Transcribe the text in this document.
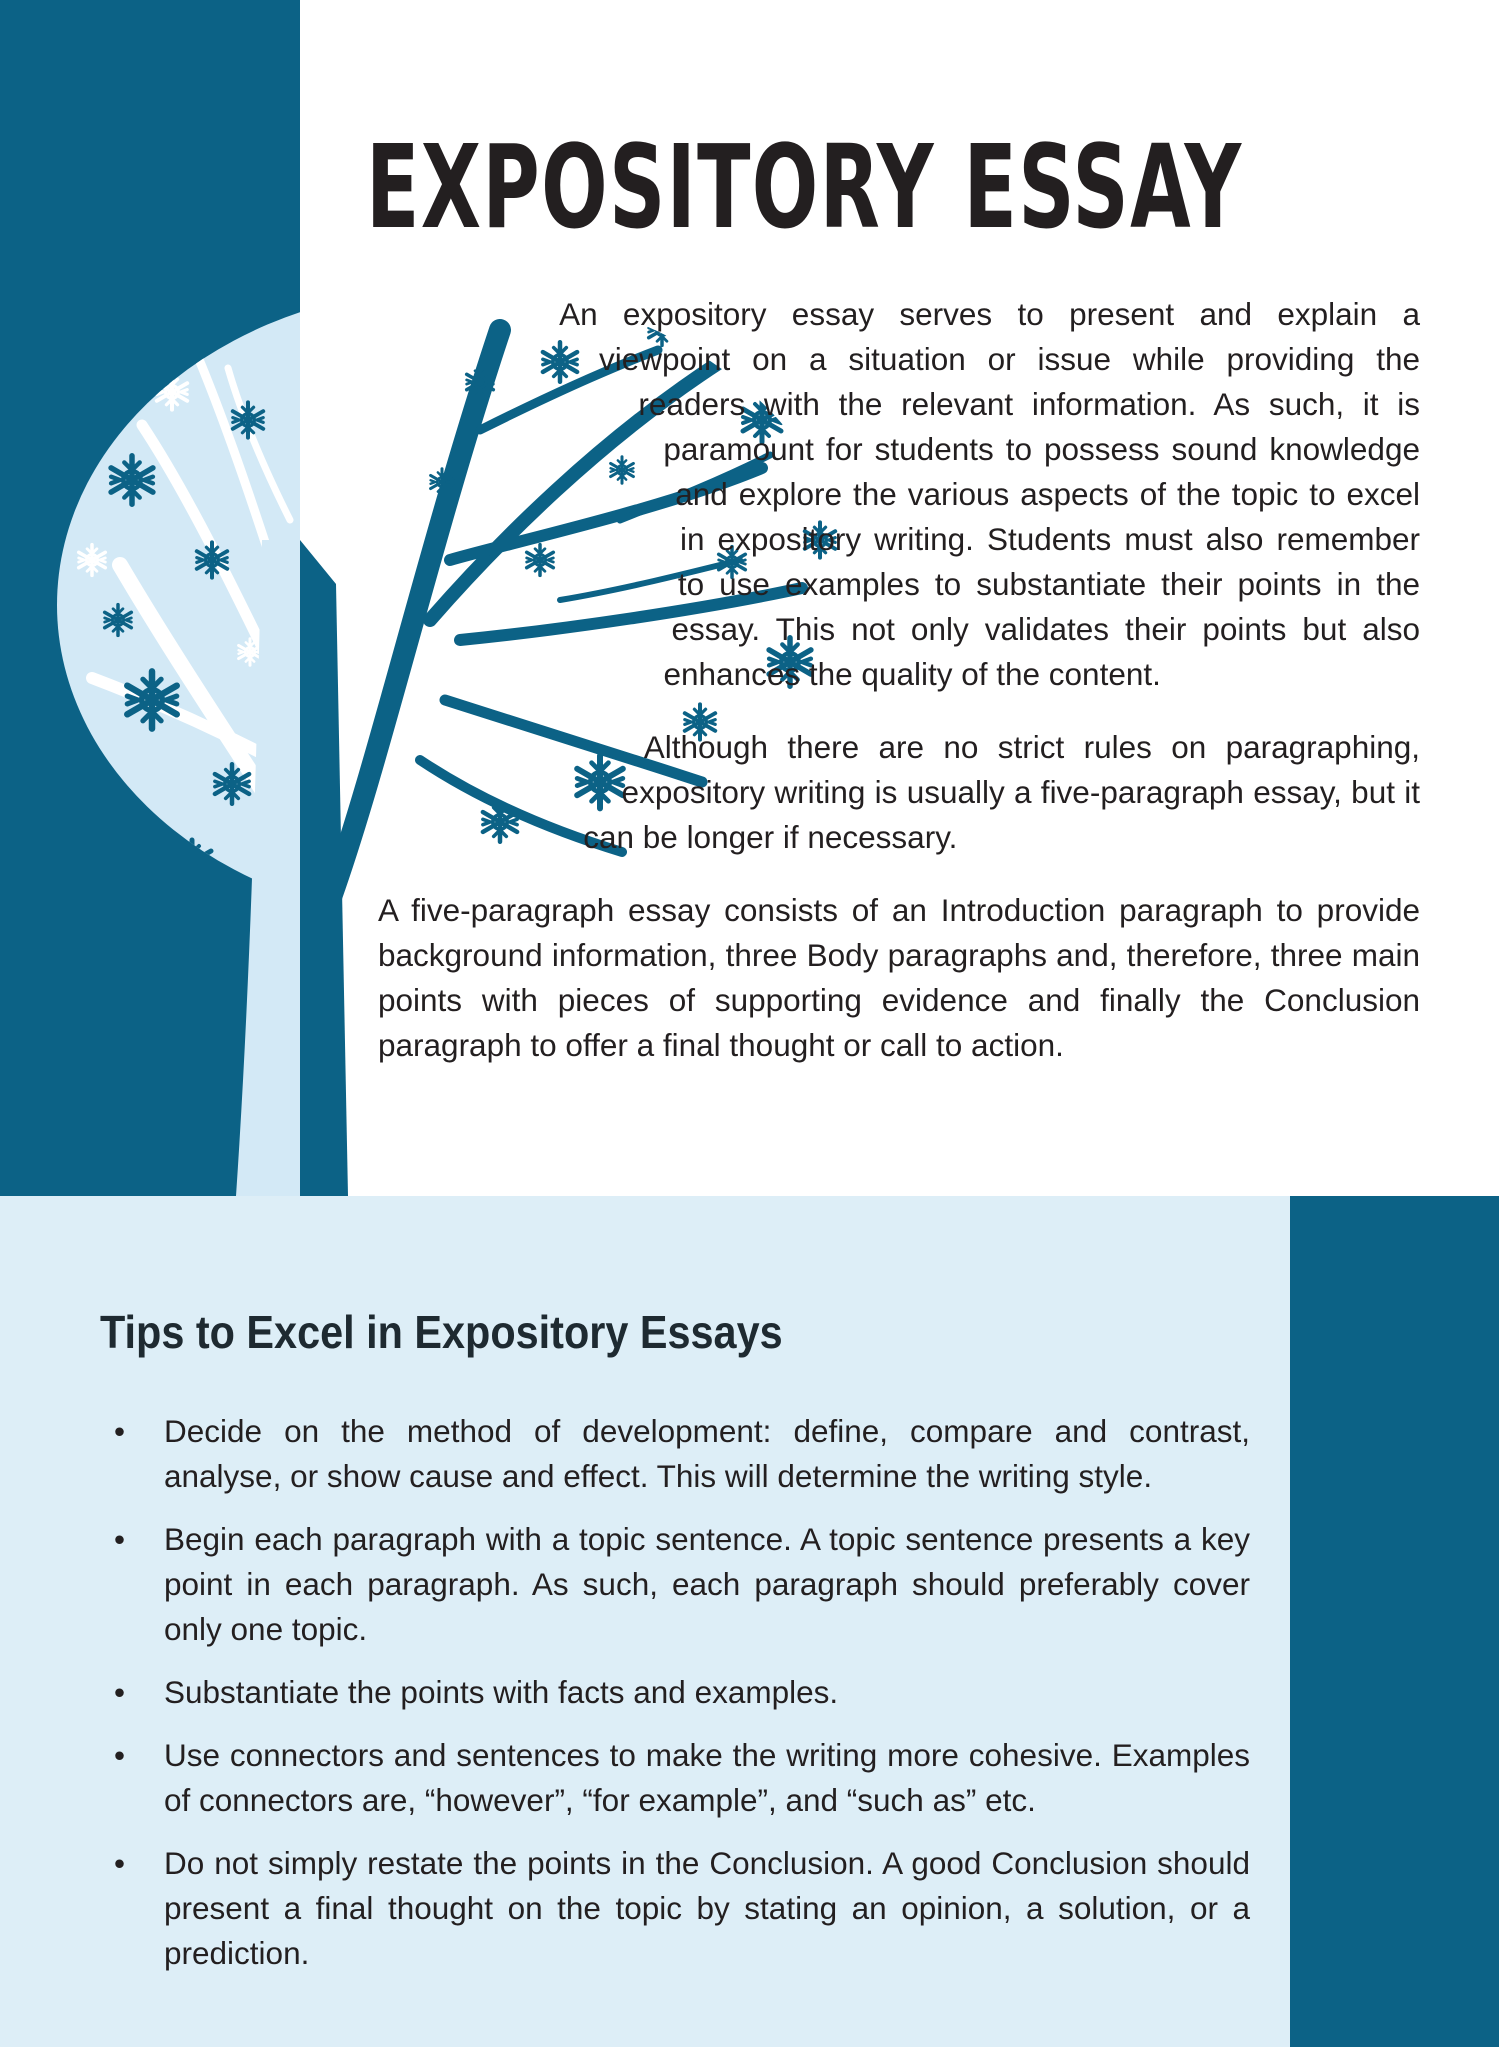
EXPOSITORY ESSAY

An expository essay serves to present and explain a viewpoint on a situation or issue while providing the readers with the relevant information. As such, it is paramount for students to possess sound knowledge and explore the various aspects of the topic to excel in expository writing. Students must also remember to use examples to substantiate their points in the essay. This not only validates their points but also enhances the quality of the content.

Although there are no strict rules on paragraphing, expository writing is usually a five-paragraph essay, but it can be longer if necessary.

A five-paragraph essay consists of an Introduction paragraph to provide background information, three Body paragraphs and, therefore, three main points with pieces of supporting evidence and finally the Conclusion paragraph to offer a final thought or call to action.

Tips to Excel in Expository Essays
• Decide on the method of development: define, compare and contrast, analyse, or show cause and effect. This will determine the writing style.
• Begin each paragraph with a topic sentence. A topic sentence presents a key point in each paragraph. As such, each paragraph should preferably cover only one topic.
• Substantiate the points with facts and examples.
• Use connectors and sentences to make the writing more cohesive. Examples of connectors are, “however”, “for example”, and “such as” etc.
• Do not simply restate the points in the Conclusion. A good Conclusion should present a final thought on the topic by stating an opinion, a solution, or a prediction.
